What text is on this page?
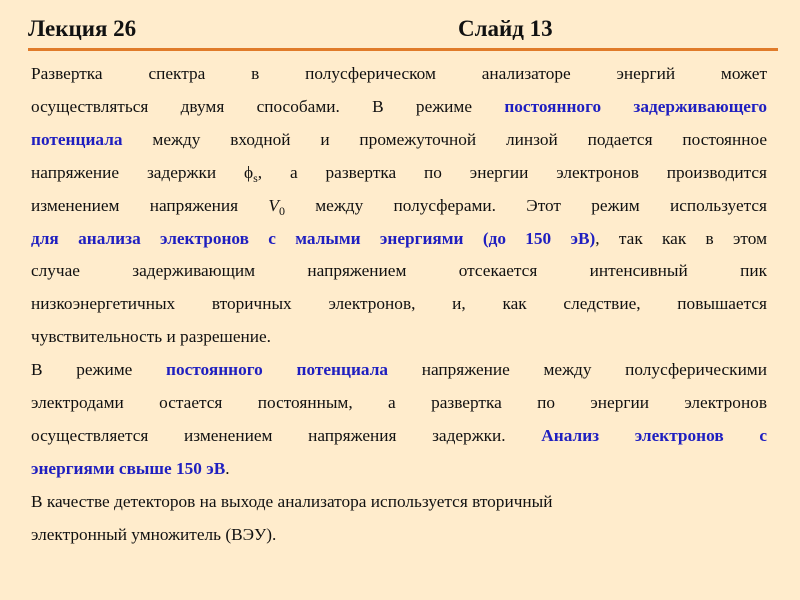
Лекция 26	Слайд 13

Развертка спектра в полусферическом анализаторе энергий может
осуществляться двумя способами. В режиме постоянного задерживающего
потенциала между входной и промежуточной линзой подается постоянное
напряжение задержки $\phi_s$, а развертка по энергии электронов производится
изменением напряжения $V_0$ между полусферами. Этот режим используется
для анализа электронов с малыми энергиями (до 150 эВ), так как в этом
случае задерживающим напряжением отсекается интенсивный пик
низкоэнергетичных вторичных электронов, и, как следствие, повышается
чувствительность и разрешение.

В режиме постоянного потенциала напряжение между полусферическими
электродами остается постоянным, а развертка по энергии электронов
осуществляется изменением напряжения задержки. Анализ электронов с
энергиями свыше 150 эВ.

В качестве детекторов на выходе анализатора используется вторичный
электронный умножитель (ВЭУ).
